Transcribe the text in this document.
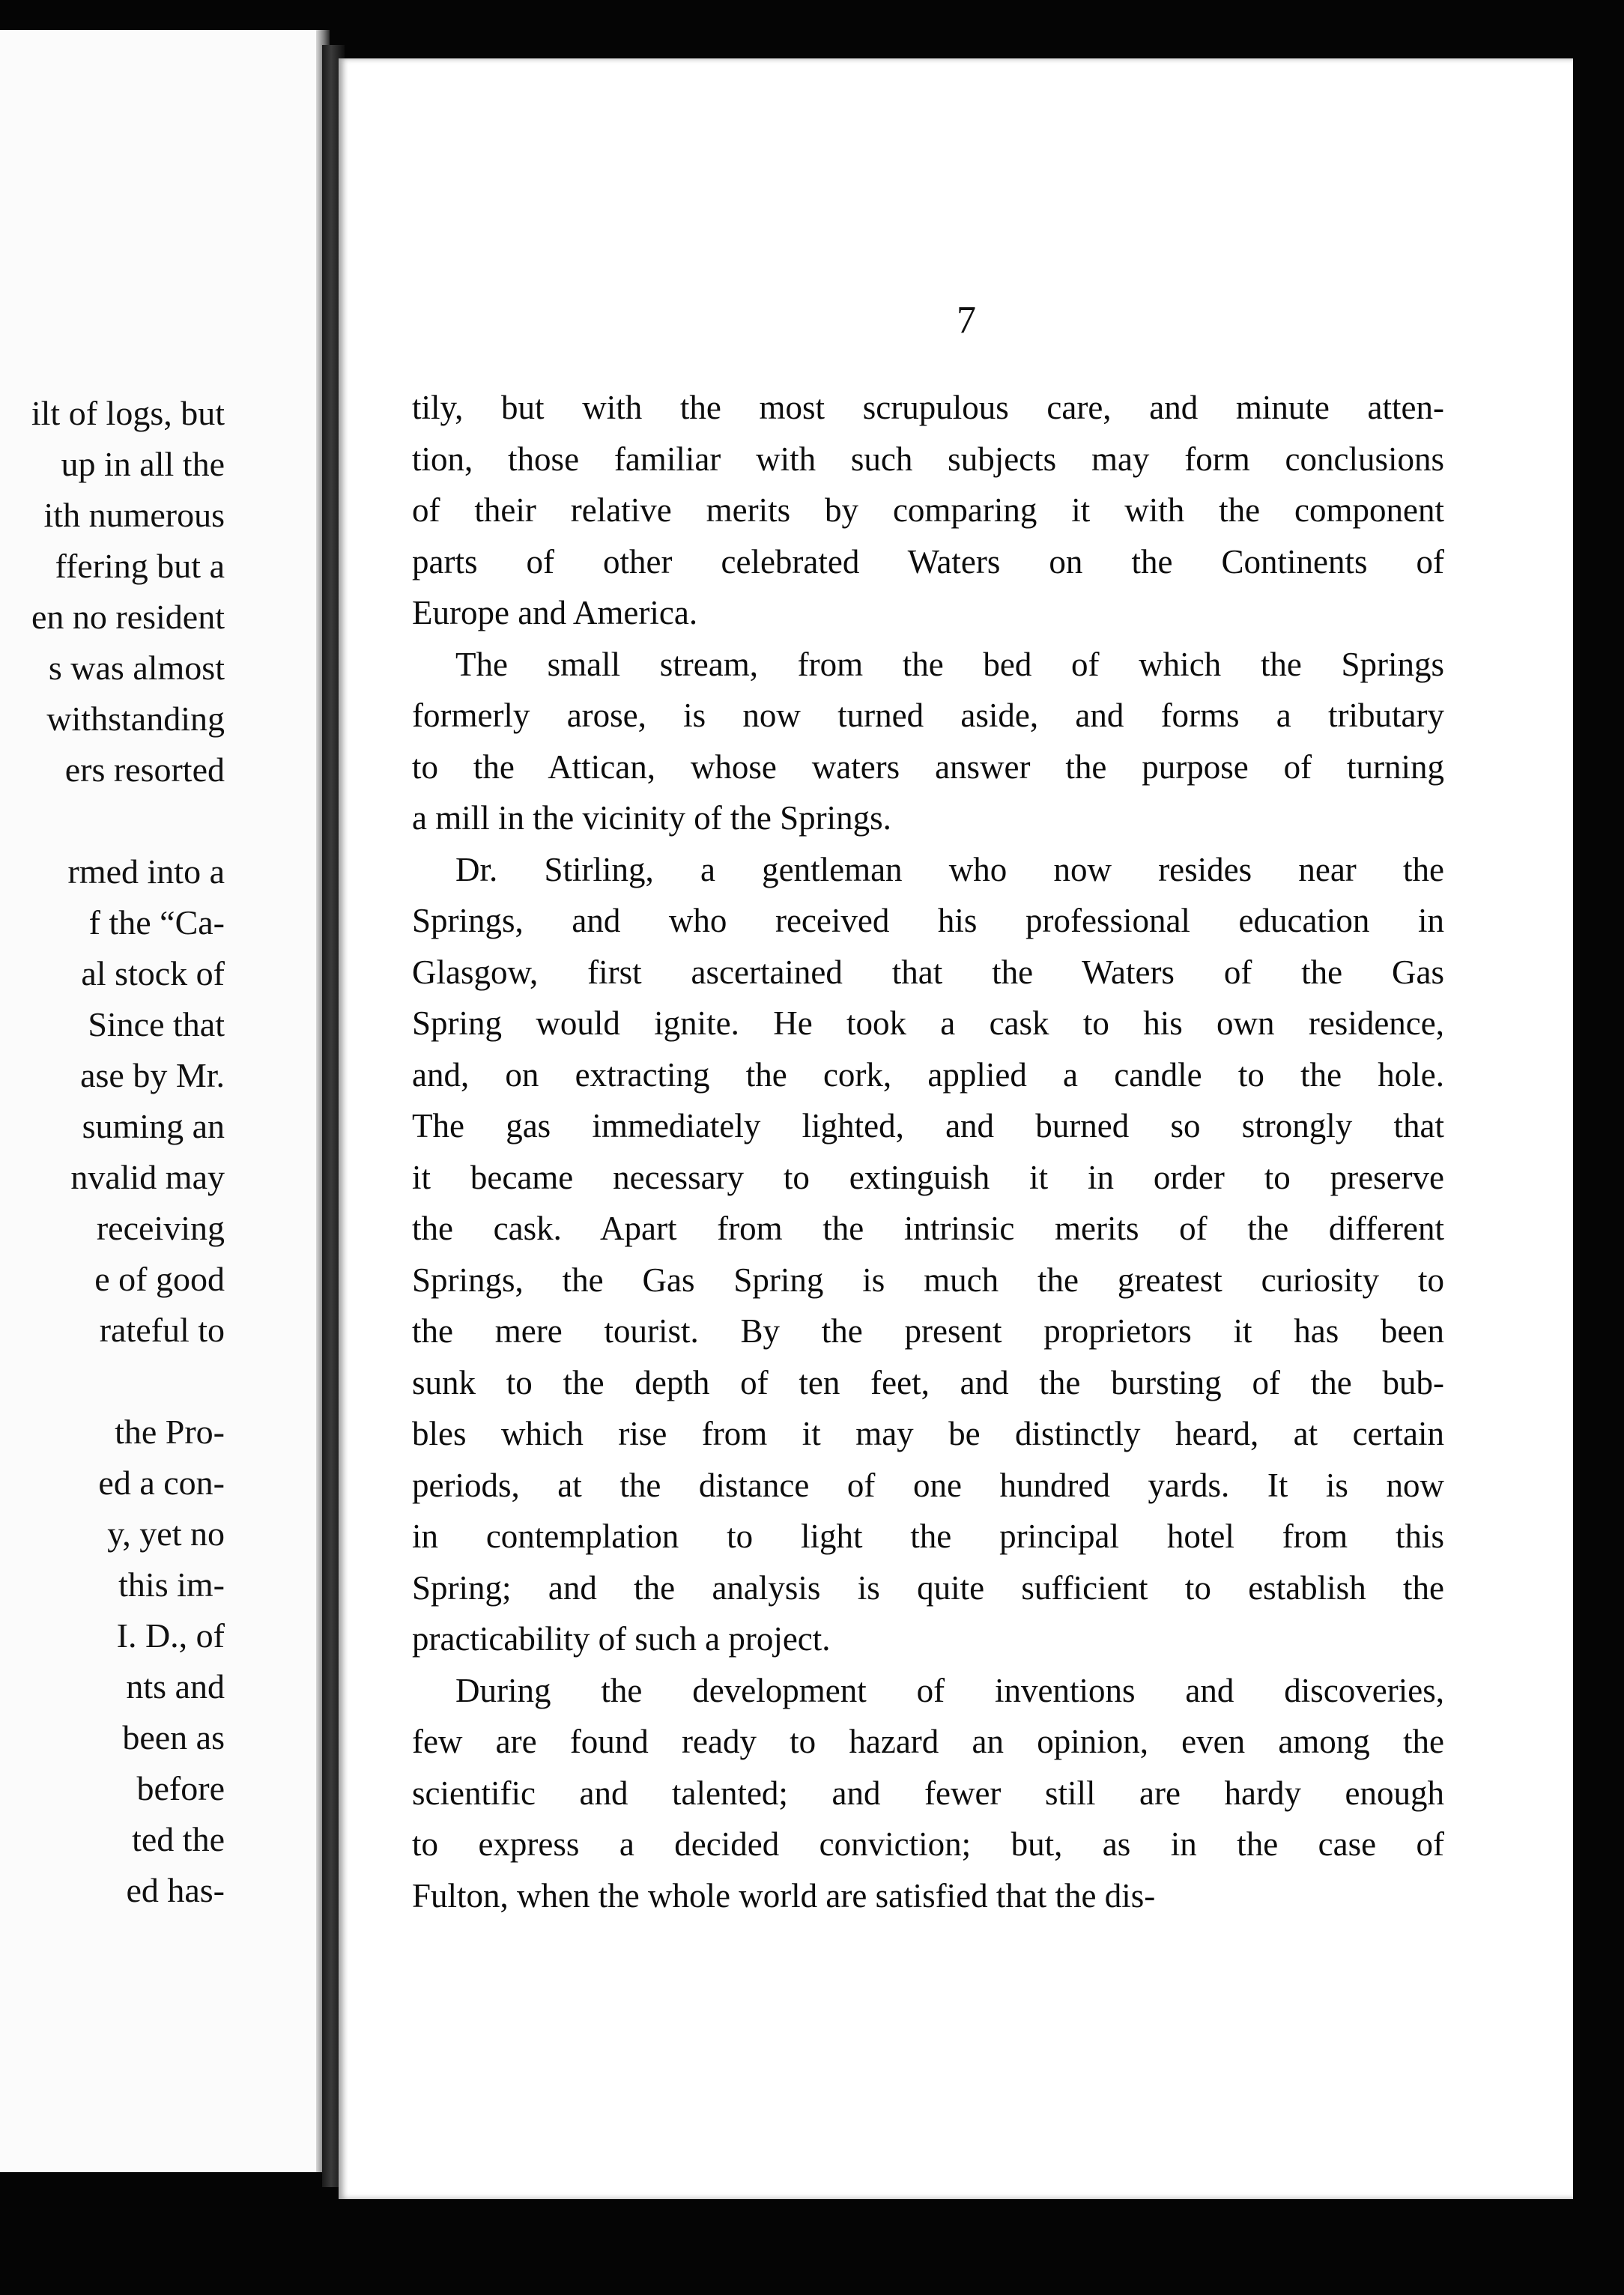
ilt of logs, but
up in all the
ith numerous
ffering but a
en no resident
s was almost
withstanding
ers resorted
rmed into a
f the “Ca-
al stock of
Since that
ase by Mr.
suming an
nvalid may
receiving
e of good
rateful to
the Pro-
ed a con-
y, yet no
this im-
I. D., of
nts and
been as
before
ted the
ed has-
7
tily, but with the most scrupulous care, and minute atten-
tion, those familiar with such subjects may form conclusions
of their relative merits by comparing it with the component
parts of other celebrated Waters on the Continents of
Europe and America.
The small stream, from the bed of which the Springs
formerly arose, is now turned aside, and forms a tributary
to the Attican, whose waters answer the purpose of turning
a mill in the vicinity of the Springs.
Dr. Stirling, a gentleman who now resides near the
Springs, and who received his professional education in
Glasgow, first ascertained that the Waters of the Gas
Spring would ignite. He took a cask to his own residence,
and, on extracting the cork, applied a candle to the hole.
The gas immediately lighted, and burned so strongly that
it became necessary to extinguish it in order to preserve
the cask. Apart from the intrinsic merits of the different
Springs, the Gas Spring is much the greatest curiosity to
the mere tourist. By the present proprietors it has been
sunk to the depth of ten feet, and the bursting of the bub-
bles which rise from it may be distinctly heard, at certain
periods, at the distance of one hundred yards. It is now
in contemplation to light the principal hotel from this
Spring; and the analysis is quite sufficient to establish the
practicability of such a project.
During the development of inventions and discoveries,
few are found ready to hazard an opinion, even among the
scientific and talented; and fewer still are hardy enough
to express a decided conviction; but, as in the case of
Fulton, when the whole world are satisfied that the dis-
